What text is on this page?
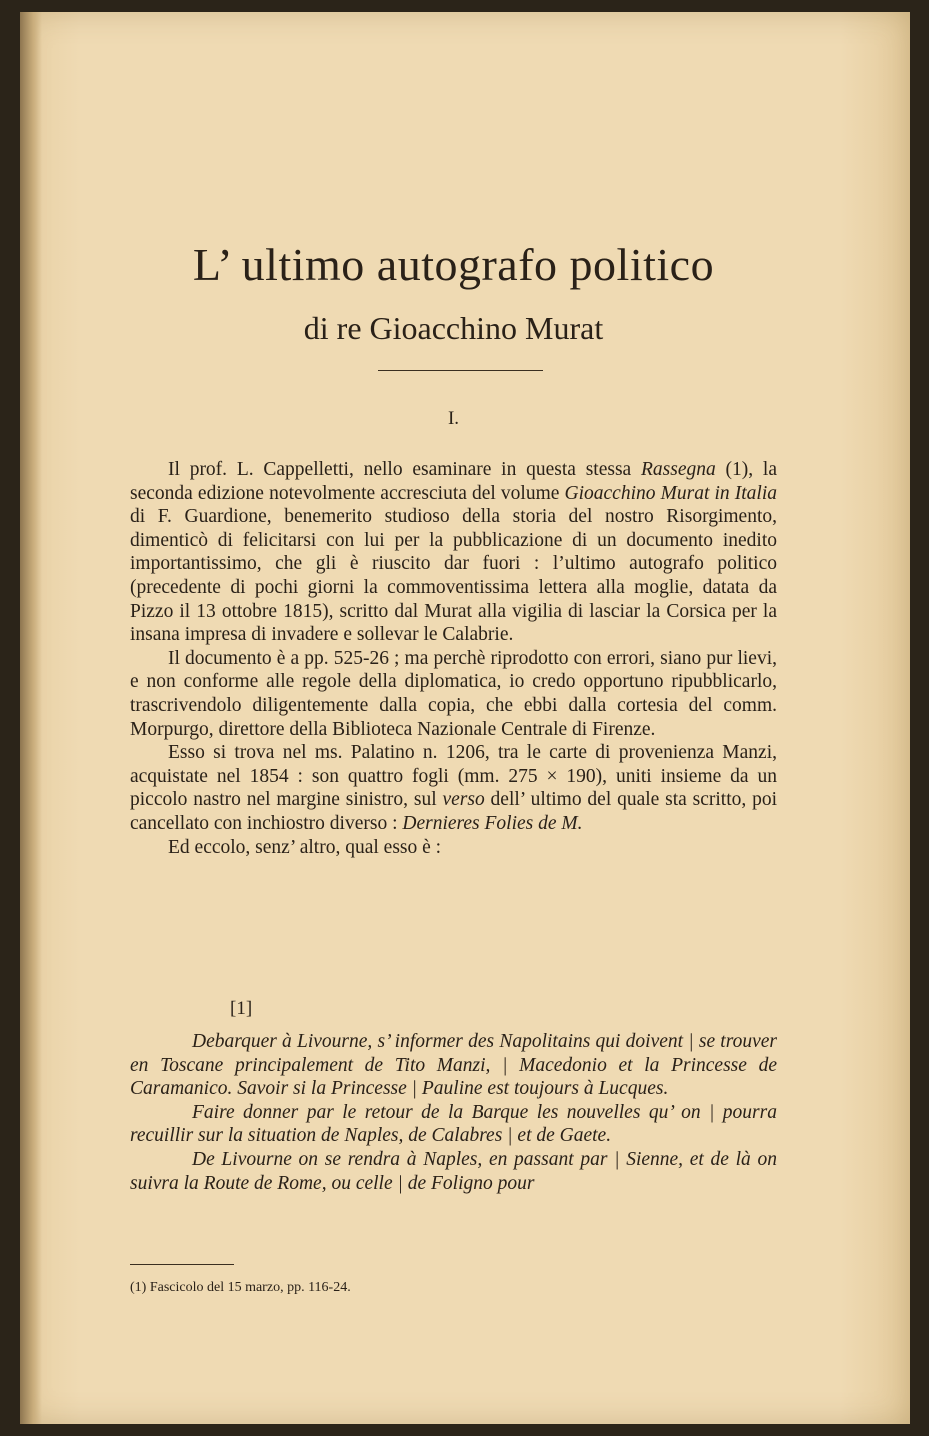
L’ ultimo autografo politico
di re Gioacchino Murat
I.

Il prof. L. Cappelletti, nello esaminare in questa stessa Rassegna (1), la seconda edizione notevolmente accresciuta del volume Gioacchino Murat in Italia di F. Guardione, benemerito studioso della storia del nostro Risorgimento, dimenticò di felicitarsi con lui per la pubblicazione di un documento inedito importantissimo, che gli è riuscito dar fuori : l’ultimo autografo politico (precedente di pochi giorni la commoventissima lettera alla moglie, datata da Pizzo il 13 ottobre 1815), scritto dal Murat alla vigilia di lasciar la Corsica per la insana impresa di invadere e sollevar le Calabrie.

Il documento è a pp. 525-26 ; ma perchè riprodotto con errori, siano pur lievi, e non conforme alle regole della diplomatica, io credo opportuno ripubblicarlo, trascrivendolo diligentemente dalla copia, che ebbi dalla cortesia del comm. Morpurgo, direttore della Biblioteca Nazionale Centrale di Firenze.

Esso si trova nel ms. Palatino n. 1206, tra le carte di provenienza Manzi, acquistate nel 1854 : son quattro fogli (mm. 275 × 190), uniti insieme da un piccolo nastro nel margine sinistro, sul verso dell’ ultimo del quale sta scritto, poi cancellato con inchiostro diverso : Dernieres Folies de M.

Ed eccolo, senz’ altro, qual esso è :

[1]

Debarquer à Livourne, s’ informer des Napolitains qui doivent | se trouver en Toscane principalement de Tito Manzi, | Macedonio et la Princesse de Caramanico. Savoir si la Princesse | Pauline est toujours à Lucques.

Faire donner par le retour de la Barque les nouvelles qu’ on | pourra recuillir sur la situation de Naples, de Calabres | et de Gaete.

De Livourne on se rendra à Naples, en passant par | Sienne, et de là on suivra la Route de Rome, ou celle | de Foligno pour

(1) Fascicolo del 15 marzo, pp. 116-24.
